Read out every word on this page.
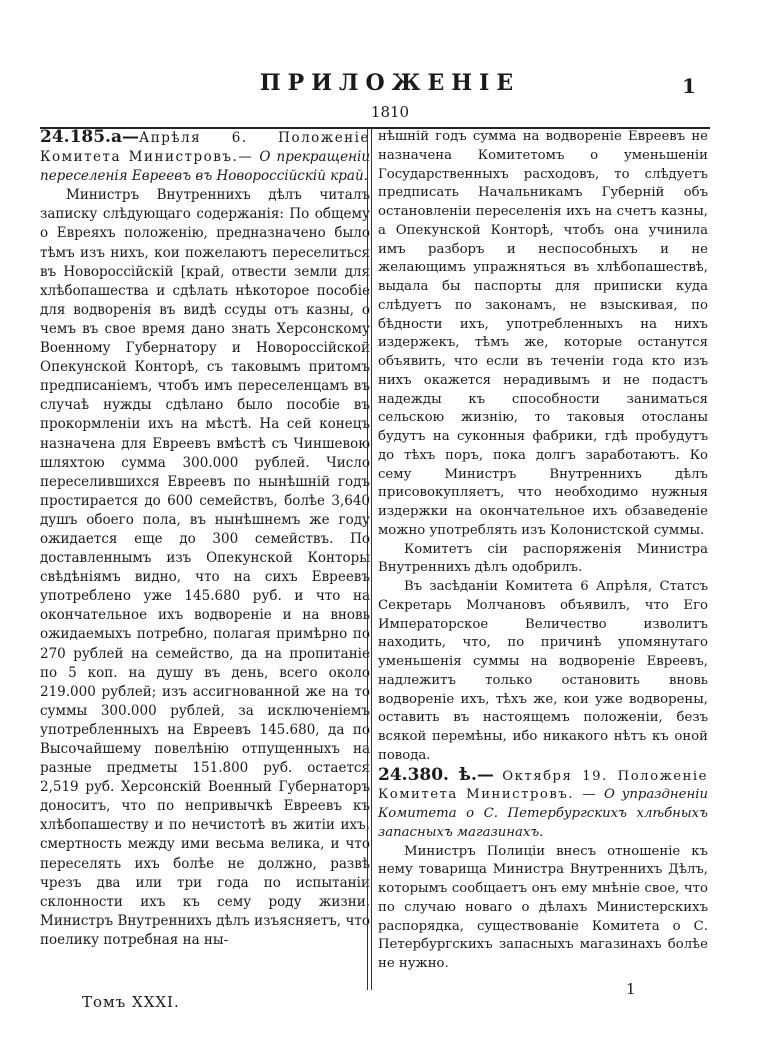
ПРИЛОЖЕНІЕ	1
1810

24.185.а—Апрѣля 6. Положеніе Комитета Министровъ.— О прекращеніи переселенія Евреевъ въ Новороссійскій край.

Министръ Внутреннихъ дѣлъ читалъ записку слѣдующаго содержанія: По общему о Евреяхъ положенію, предназначено было тѣмъ изъ нихъ, кои пожелаютъ переселиться въ Новороссійскій [край, отвести земли для хлѣбопашества и сдѣлать нѣкоторое пособіе для водворенія въ видѣ ссуды отъ казны, о чемъ въ свое время дано знать Херсонскому Военному Губернатору и Новороссійской Опекунской Конторѣ, съ таковымъ притомъ предписаніемъ, чтобъ имъ переселенцамъ въ случаѣ нужды сдѣлано было пособіе въ прокормленіи ихъ на мѣстѣ. На сей конецъ назначена для Евреевъ вмѣстѣ съ Чиншевою шляхтою сумма 300.000 рублей. Число переселившихся Евреевъ по нынѣшній годъ простирается до 600 семействъ, болѣе 3,640 душъ обоего пола, въ нынѣшнемъ же году ожидается еще до 300 семействъ. По доставленнымъ изъ Опекунской Конторы свѣдѣніямъ видно, что на сихъ Евреевъ употреблено уже 145.680 руб. и что на окончательное ихъ водвореніе и на вновь ожидаемыхъ потребно, полагая примѣрно по 270 рублей на семейство, да на пропитаніе по 5 коп. на душу въ день, всего около 219.000 рублей; изъ ассигнованной же на то суммы 300.000 рублей, за исключеніемъ употребленныхъ на Евреевъ 145.680, да по Высочайшему повелѣнію отпущенныхъ на разные предметы 151.800 руб. остается 2,519 руб. Херсонскій Военный Губернаторъ доноситъ, что по непривычкѣ Евреевъ къ хлѣбопашеству и по нечистотѣ въ житіи ихъ, смертность между ими весьма велика, и что переселять ихъ болѣе не должно, развѣ чрезъ два или три года по испытаніи склонности ихъ къ сему роду жизни. Министръ Внутреннихъ дѣлъ изъясняетъ, что поелику потребная на ны-

нѣшній годъ сумма на водвореніе Евреевъ не назначена Комитетомъ о уменьшеніи Государственныхъ расходовъ, то слѣдуетъ предписать Начальникамъ Губерній объ остановленіи переселенія ихъ на счетъ казны, а Опекунской Конторѣ, чтобъ она учинила имъ разборъ и неспособныхъ и не желающимъ упражняться въ хлѣбопашествѣ, выдала бы паспорты для приписки куда слѣдуетъ по законамъ, не взыскивая, по бѣдности ихъ, употребленныхъ на нихъ издержекъ, тѣмъ же, которые останутся объявить, что если въ теченіи года кто изъ нихъ окажется нерадивымъ и не подастъ надежды къ способности заниматься сельскою жизнію, то таковыя отосланы будутъ на суконныя фабрики, гдѣ пробудутъ до тѣхъ поръ, пока долгъ заработаютъ. Ко сему Министръ Внутреннихъ дѣлъ присовокупляетъ, что необходимо нужныя издержки на окончательное ихъ обзаведеніе можно употреблять изъ Колонистской суммы.

Комитетъ сіи распоряженія Министра Внутреннихъ дѣлъ одобрилъ.

Въ засѣданіи Комитета 6 Апрѣля, Статсъ Секретарь Молчановъ объявилъ, что Его Императорское Величество изволитъ находить, что, по причинѣ упомянутаго уменьшенія суммы на водвореніе Евреевъ, надлежитъ только остановить вновь водвореніе ихъ, тѣхъ же, кои уже водворены, оставить въ настоящемъ положеніи, безъ всякой перемѣны, ибо никакого нѣтъ къ оной повода.

24.380. ѣ.— Октября 19. Положеніе Комитета Министровъ. — О упраздненіи Комитета о С. Петербургскихъ хлѣбныхъ запасныхъ магазинахъ.

Министръ Полиціи внесъ отношеніе къ нему товарища Министра Внутреннихъ Дѣлъ, которымъ сообщаетъ онъ ему мнѣніе свое, что по случаю новаго о дѣлахъ Министерскихъ распорядка, существованіе Комитета о С. Петербургскихъ запасныхъ магазинахъ болѣе не нужно.

Томъ XXXI.
1
